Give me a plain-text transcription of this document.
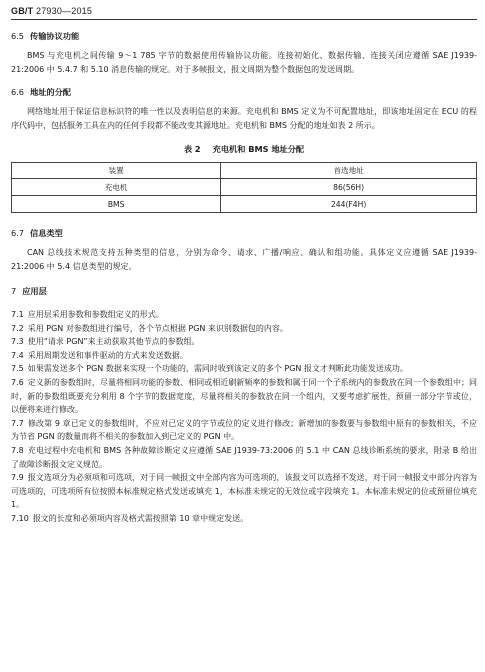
GB/T 27930—2015
6.5 传输协议功能

BMS 与充电机之间传输 9～1 785 字节的数据使用传输协议功能。连接初始化、数据传输、连接关闭应遵循 SAE J1939-21:2006 中 5.4.7 和 5.10 消息传输的规定。对于多帧报文，报文周期为整个数据包的发送周期。

6.6 地址的分配

网络地址用于保证信息标识符的唯一性以及表明信息的来源。充电机和 BMS 定义为不可配置地址，即该地址固定在 ECU 的程序代码中，包括服务工具在内的任何手段都不能改变其源地址。充电机和 BMS 分配的地址如表 2 所示。

表 2 充电机和 BMS 地址分配
装置	首选地址
充电机	86(56H)
BMS	244(F4H)
6.7 信息类型

CAN 总线技术规范支持五种类型的信息，分别为命令、请求、广播/响应、确认和组功能。具体定义应遵循 SAE J1939-21:2006 中 5.4 信息类型的规定。

7 应用层

7.1 应用层采用参数和参数组定义的形式。

7.2 采用 PGN 对参数组进行编号，各个节点根据 PGN 来识别数据包的内容。

7.3 使用“请求 PGN”来主动获取其他节点的参数组。

7.4 采用周期发送和事件驱动的方式来发送数据。

7.5 如果需发送多个 PGN 数据来实现一个功能的，需同时收到该定义的多个 PGN 报文才判断此功能发送成功。

7.6 定义新的参数组时，尽量将相同功能的参数、相同或相近刷新频率的参数和属于同一个子系统内的参数放在同一个参数组中；同时，新的参数组既要充分利用 8 个字节的数据宽度，尽量将相关的参数放在同一个组内，又要考虑扩展性，预留一部分字节或位，以便将来进行修改。

7.7 修改第 9 章已定义的参数组时，不应对已定义的字节或位的定义进行修改；新增加的参数要与参数组中原有的参数相关，不应为节省 PGN 的数量而将不相关的参数加入到已定义的 PGN 中。

7.8 充电过程中充电机和 BMS 各种故障诊断定义应遵循 SAE J1939-73:2006 的 5.1 中 CAN 总线诊断系统的要求，附录 B 给出了故障诊断报文定义规范。

7.9 报文选项分为必须项和可选项，对于同一帧报文中全部内容为可选项的，该报文可以选择不发送，对于同一帧报文中部分内容为可选项的，可选项所有位按照本标准规定格式发送或填充 1，本标准未规定的无效位或字段填充 1。本标准未规定的位或预留位填充 1。

7.10 报文的长度和必须项内容及格式需按照第 10 章中规定发送。
